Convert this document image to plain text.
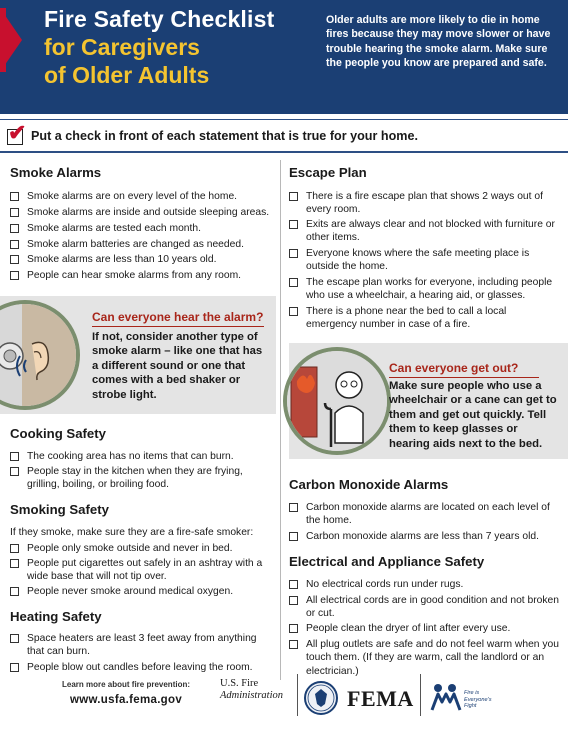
Fire Safety Checklist
for Caregivers
of Older Adults
Older adults are more likely to die in home fires because they may move slower or have trouble hearing the smoke alarm. Make sure the people you know are prepared and safe.
✔ Put a check in front of each statement that is true for your home.
Smoke Alarms
Smoke alarms are on every level of the home.
Smoke alarms are inside and outside sleeping areas.
Smoke alarms are tested each month.
Smoke alarm batteries are changed as needed.
Smoke alarms are less than 10 years old.
People can hear smoke alarms from any room.
Can everyone hear the alarm?

If not, consider another type of smoke alarm – like one that has a different sound or one that comes with a bed shaker or strobe light.

Cooking Safety
The cooking area has no items that can burn.
People stay in the kitchen when they are frying, grilling, boiling, or broiling food.
Smoking Safety
If they smoke, make sure they are a fire-safe smoker:
People only smoke outside and never in bed.
People put cigarettes out safely in an ashtray with a wide base that will not tip over.
People never smoke around medical oxygen.
Heating Safety
Space heaters are least 3 feet away from anything that can burn.
People blow out candles before leaving the room.
Escape Plan
There is a fire escape plan that shows 2 ways out of every room.
Exits are always clear and not blocked with furniture or other items.
Everyone knows where the safe meeting place is outside the home.
The escape plan works for everyone, including people who use a wheelchair, a hearing aid, or glasses.
There is a phone near the bed to call a local emergency number in case of a fire.
Can everyone get out?

Make sure people who use a wheelchair or a cane can get to them and get out quickly. Tell them to keep glasses or hearing aids next to the bed.

Carbon Monoxide Alarms
Carbon monoxide alarms are located on each level of the home.
Carbon monoxide alarms are less than 7 years old.
Electrical and Appliance Safety
No electrical cords run under rugs.
All electrical cords are in good condition and not broken or cut.
People clean the dryer of lint after every use.
All plug outlets are safe and do not feel warm when you touch them. (If they are warm, call the landlord or an electrician.)
Learn more about fire prevention:
www.usfa.fema.gov
U.S. Fire
Administration	FEMA	Fire is Everyone's Fight
